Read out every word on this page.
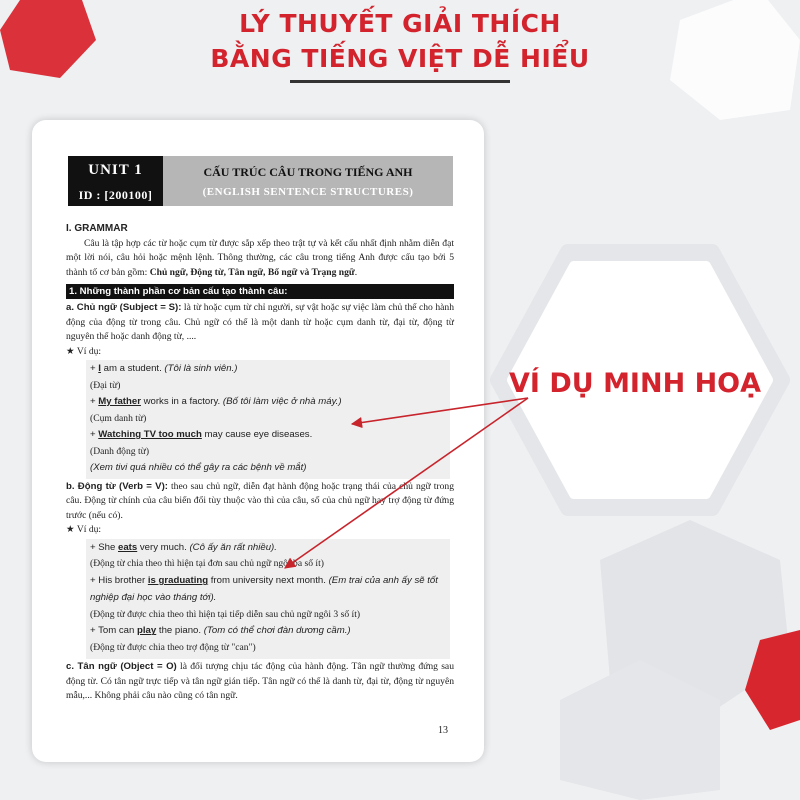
LÝ THUYẾT GIẢI THÍCH
BẰNG TIẾNG VIỆT DỄ HIỂU
VÍ DỤ MINH HOẠ
UNIT 1
ID : [200100]
CẤU TRÚC CÂU TRONG TIẾNG ANH
(ENGLISH SENTENCE STRUCTURES)

I. GRAMMAR

Câu là tập hợp các từ hoặc cụm từ được sắp xếp theo trật tự và kết cấu nhất định nhằm diễn đạt một lời nói, câu hỏi hoặc mệnh lệnh. Thông thường, các câu trong tiếng Anh được cấu tạo bởi 5 thành tố cơ bản gồm: Chủ ngữ, Động từ, Tân ngữ, Bổ ngữ và Trạng ngữ.

1. Những thành phần cơ bản cấu tạo thành câu:

a. Chủ ngữ (Subject = S): là từ hoặc cụm từ chỉ người, sự vật hoặc sự việc làm chủ thể cho hành động của động từ trong câu. Chủ ngữ có thể là một danh từ hoặc cụm danh từ, đại từ, động từ nguyên thể hoặc danh động từ, ....

★ Ví dụ:

+ I am a student. (Tôi là sinh viên.)

(Đại từ)

+ My father works in a factory. (Bố tôi làm việc ở nhà máy.)

(Cụm danh từ)

+ Watching TV too much may cause eye diseases.

(Danh động từ)

(Xem tivi quá nhiều có thể gây ra các bệnh về mắt)

b. Động từ (Verb = V): theo sau chủ ngữ, diễn đạt hành động hoặc trạng thái của chủ ngữ trong câu. Động từ chính của câu biến đổi tùy thuộc vào thì của câu, số của chủ ngữ hay trợ động từ đứng trước (nếu có).

★ Ví dụ:

+ She eats very much. (Cô ấy ăn rất nhiều).

(Động từ chia theo thì hiện tại đơn sau chủ ngữ ngôi ba số ít)

+ His brother is graduating from university next month. (Em trai của anh ấy sẽ tốt nghiệp đại học vào tháng tới).

(Động từ được chia theo thì hiện tại tiếp diễn sau chủ ngữ ngôi 3 số ít)

+ Tom can play the piano. (Tom có thể chơi đàn dương cầm.)

(Động từ được chia theo trợ động từ "can")

c. Tân ngữ (Object = O) là đối tượng chịu tác động của hành động. Tân ngữ thường đứng sau động từ. Có tân ngữ trực tiếp và tân ngữ gián tiếp. Tân ngữ có thể là danh từ, đại từ, động từ nguyên mẫu,... Không phải câu nào cũng có tân ngữ.

13
